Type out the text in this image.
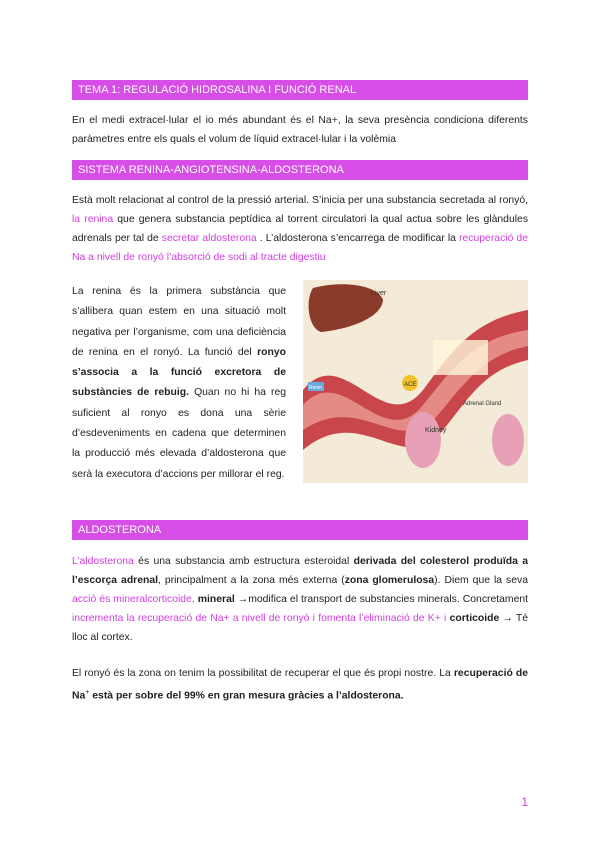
TEMA 1: REGULACIÓ HIDROSALINA I FUNCIÓ RENAL
En el medi extracel·lular el io més abundant és el Na+, la seva presència condiciona diferents paràmetres entre els quals el volum de líquid extracel·lular i la volèmia
SISTEMA RENINA-ANGIOTENSINA-ALDOSTERONA
Està molt relacionat al control de la pressió arterial. S’inicia per una substancia secretada al ronyó, la renina que genera substancia peptídica al torrent circulatori la qual actua sobre les glàndules adrenals per tal de secretar aldosterona . L’aldosterona s’encarrega de modificar la recuperació de Na a nivell de ronyó l’absorció de sodi al tracte digestiu
La renina és la primera substància que s’allibera quan estem en una situació molt negativa per l’organisme, com una deficiència de renina en el ronyó. La funció del ronyo s’associa a la funció excretora de substàncies de rebuig. Quan no hi ha reg suficient al ronyo es dona una sèrie d’esdeveniments en cadena que determinen la producció més elevada d’aldosterona que serà la executora d’accions per millorar el reg.
Liver
Kidney
Adrenal Gland
ACE
Renin
ALDOSTERONA
L’aldosterona és una substancia amb estructura esteroidal derivada del colesterol produïda a l’escorça adrenal, principalment a la zona més externa (zona glomerulosa). Diem que la seva acció és mineralcorticoide, mineral →modifica el transport de substancies minerals. Concretament incrementa la recuperació de Na+ a nivell de ronyó i fomenta l’eliminació de K+ i corticoide → Té lloc al cortex.
El ronyó és la zona on tenim la possibilitat de recuperar el que és propi nostre. La recuperació de Na+ està per sobre del 99% en gran mesura gràcies a l’aldosterona.
1
